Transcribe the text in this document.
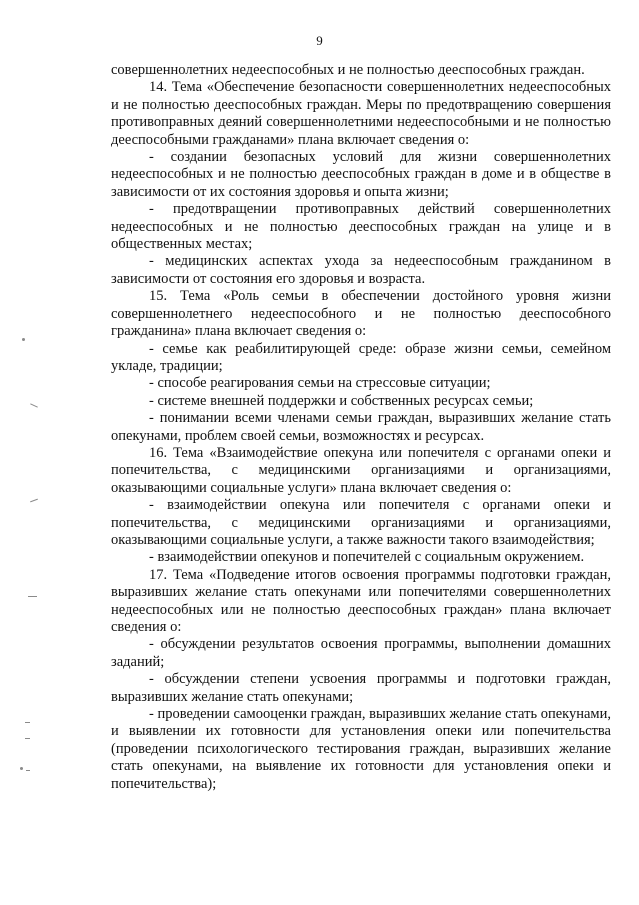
9

совершеннолетних недееспособных и не полностью дееспособных граждан.

14. Тема «Обеспечение безопасности совершеннолетних недееспособных и не полностью дееспособных граждан. Меры по предотвращению совершения противоправных деяний совершеннолетними недееспособными и не полностью дееспособными гражданами» плана включает сведения о:

- создании безопасных условий для жизни совершеннолетних недееспособных и не полностью дееспособных граждан в доме и в обществе в зависимости от их состояния здоровья и опыта жизни;

- предотвращении противоправных действий совершеннолетних недееспособных и не полностью дееспособных граждан на улице и в общественных местах;

- медицинских аспектах ухода за недееспособным гражданином в зависимости от состояния его здоровья и возраста.

15. Тема «Роль семьи в обеспечении достойного уровня жизни совершеннолетнего недееспособного и не полностью дееспособного гражданина» плана включает сведения о:

- семье как реабилитирующей среде: образе жизни семьи, семейном укладе, традиции;

- способе реагирования семьи на стрессовые ситуации;

- системе внешней поддержки и собственных ресурсах семьи;

- понимании всеми членами семьи граждан, выразивших желание стать опекунами, проблем своей семьи, возможностях и ресурсах.

16. Тема «Взаимодействие опекуна или попечителя с органами опеки и попечительства, с медицинскими организациями и организациями, оказывающими социальные услуги» плана включает сведения о:

- взаимодействии опекуна или попечителя с органами опеки и попечительства, с медицинскими организациями и организациями, оказывающими социальные услуги, а также важности такого взаимодействия;

- взаимодействии опекунов и попечителей с социальным окружением.

17. Тема «Подведение итогов освоения программы подготовки граждан, выразивших желание стать опекунами или попечителями совершеннолетних недееспособных или не полностью дееспособных граждан» плана включает сведения о:

- обсуждении результатов освоения программы, выполнении домашних заданий;

- обсуждении степени усвоения программы и подготовки граждан, выразивших желание стать опекунами;

- проведении самооценки граждан, выразивших желание стать опекунами, и выявлении их готовности для установления опеки или попечительства (проведении психологического тестирования граждан, выразивших желание стать опекунами, на выявление их готовности для установления опеки и попечительства);
